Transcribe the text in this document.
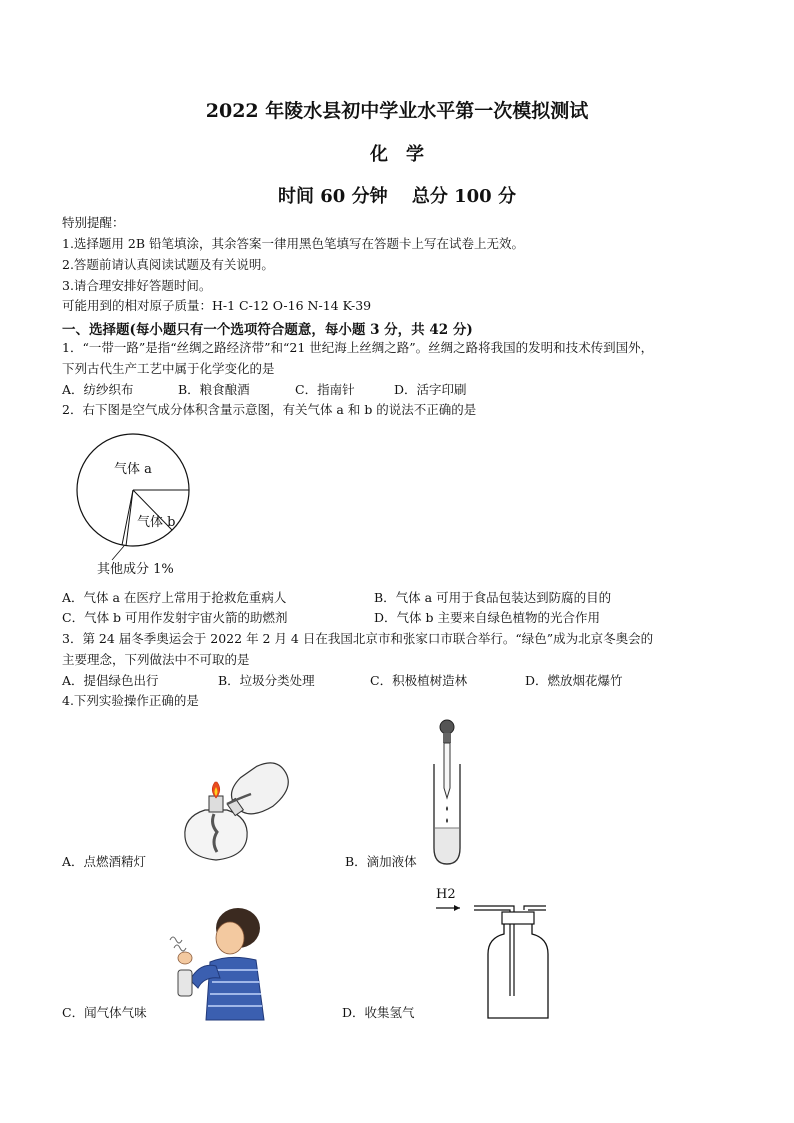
2022 年陵水县初中学业水平第一次模拟测试
化　学
时间 60 分钟　 总分 100 分
特别提醒：
1.选择题用 2B 铅笔填涂，其余答案一律用黑色笔填写在答题卡上写在试卷上无效。
2.答题前请认真阅读试题及有关说明。
3.请合理安排好答题时间。
可能用到的相对原子质量：H-1 C-12 O-16 N-14 K-39
一、选择题(每小题只有一个选项符合题意，每小题 3 分，共 42 分)
1．“一带一路”是指“丝绸之路经济带”和“21 世纪海上丝绸之路”。丝绸之路将我国的发明和技术传到国外，
下列古代生产工艺中属于化学变化的是
A．纺纱织布	B．粮食酿酒	C．指南针	D．活字印刷
2．右下图是空气成分体积含量示意图，有关气体 a 和 b 的说法不正确的是
气体 a
气体 b
其他成分 1%
A．气体 a 在医疗上常用于抢救危重病人	B．气体 a 可用于食品包装达到防腐的目的
C．气体 b 可用作发射宇宙火箭的助燃剂	D．气体 b 主要来自绿色植物的光合作用
3．第 24 届冬季奥运会于 2022 年 2 月 4 日在我国北京市和张家口市联合举行。“绿色”成为北京冬奥会的
主要理念，下列做法中不可取的是
A．提倡绿色出行	B．垃圾分类处理	C．积极植树造林	D．燃放烟花爆竹
4.下列实验操作正确的是
A．点燃酒精灯	B．滴加液体
C．闻气体气味
H2
D．收集氢气
